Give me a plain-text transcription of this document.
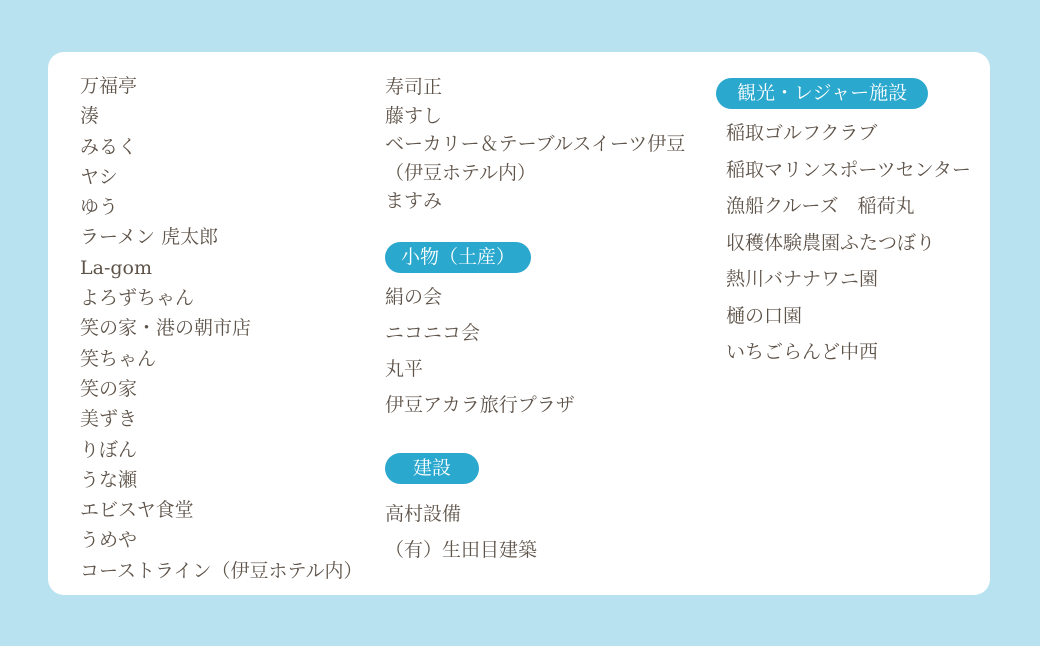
万福亭
湊
みるく
ヤシ
ゆう
ラーメン 虎太郎
La-gom
よろずちゃん
笑の家・港の朝市店
笑ちゃん
笑の家
美ずき
りぼん
うな瀬
エビスヤ食堂
うめや
コーストライン（伊豆ホテル内）
寿司正
藤すし
ベーカリー＆テーブルスイーツ伊豆
（伊豆ホテル内）
ますみ
小物（土産）
絹の会
ニコニコ会
丸平
伊豆アカラ旅行プラザ
建設
高村設備
（有）生田目建築
観光・レジャー施設
稲取ゴルフクラブ
稲取マリンスポーツセンター
漁船クルーズ　稲荷丸
収穫体験農園ふたつぼり
熱川バナナワニ園
樋の口園
いちごらんど中西
